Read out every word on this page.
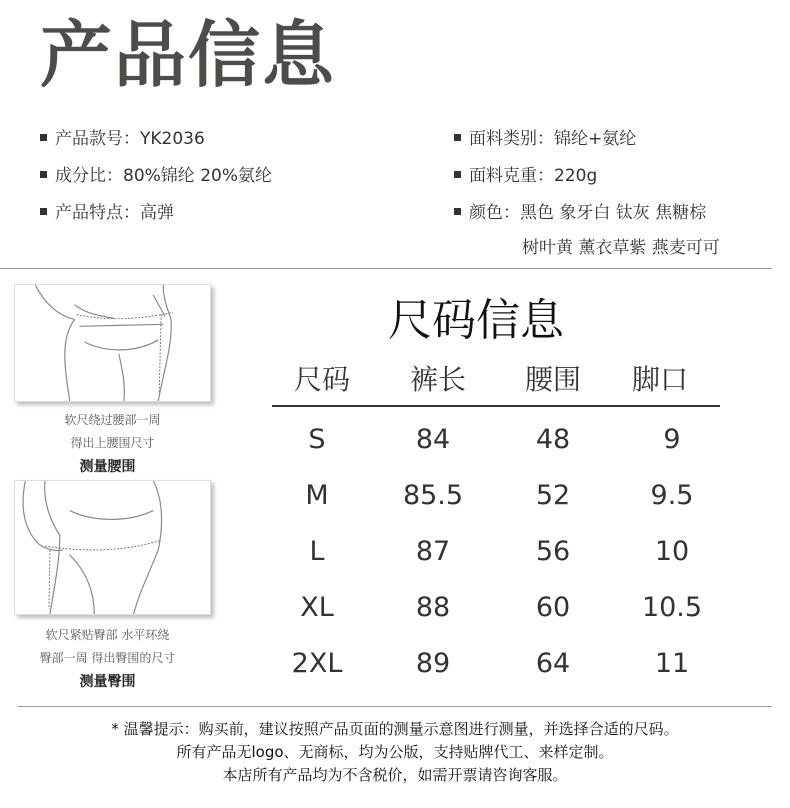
产品信息
产品款号：YK2036
成分比：80%锦纶 20%氨纶
产品特点：高弹
面料类别：锦纶+氨纶
面料克重：220g
颜色：黑色 象牙白 钛灰 焦糖棕
树叶黄 薰衣草紫 燕麦可可
软尺绕过腰部一周
得出上腰围尺寸
测量腰围
软尺紧贴臀部 水平环绕
臀部一周 得出臀围的尺寸
测量臀围
尺码信息
尺码	裤长	腰围	脚口
S	84	48	9
M	85.5	52	9.5
L	87	56	10
XL	88	60	10.5
2XL	89	64	11
* 温馨提示：购买前，建议按照产品页面的测量示意图进行测量，并选择合适的尺码。
所有产品无logo、无商标，均为公版，支持贴牌代工、来样定制。
本店所有产品均为不含税价，如需开票请咨询客服。
